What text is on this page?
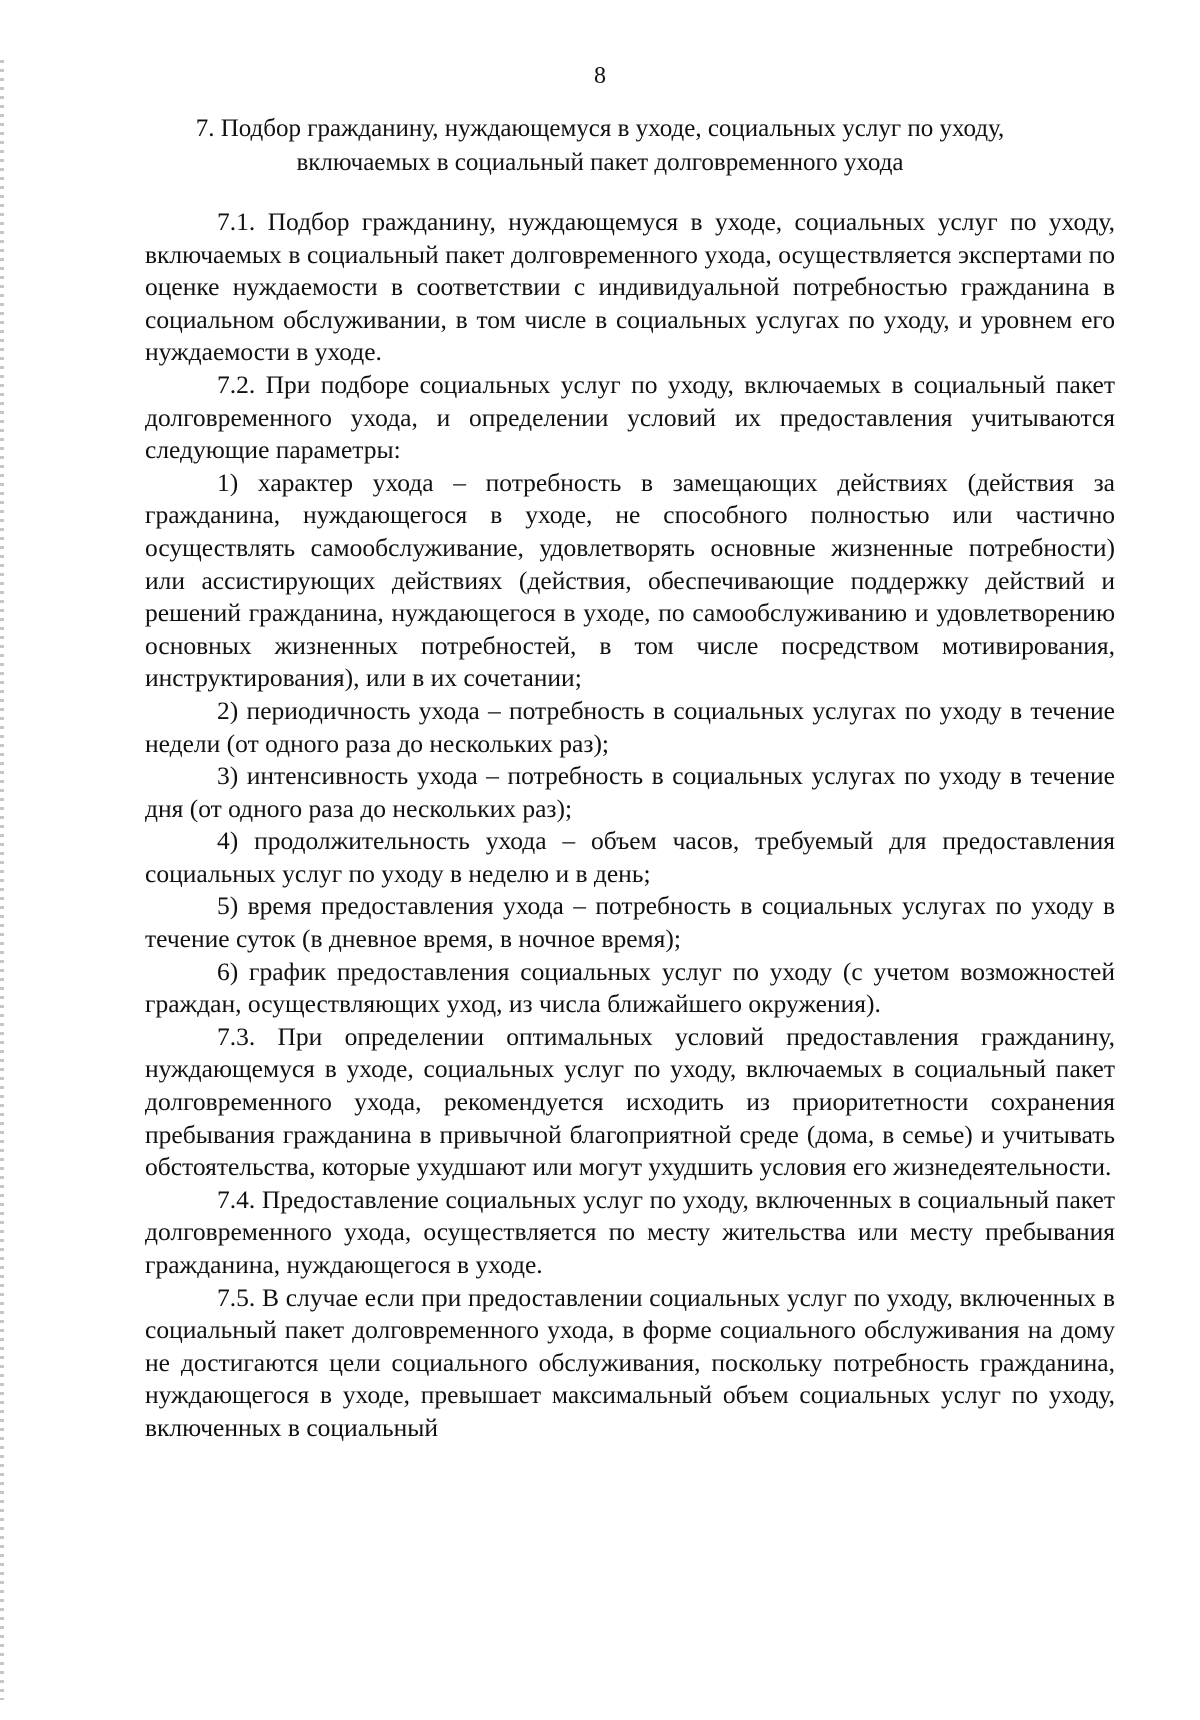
8
7. Подбор гражданину, нуждающемуся в уходе, социальных услуг по уходу, включаемых в социальный пакет долговременного ухода

7.1. Подбор гражданину, нуждающемуся в уходе, социальных услуг по уходу, включаемых в социальный пакет долговременного ухода, осуществляется экспертами по оценке нуждаемости в соответствии с индивидуальной потребностью гражданина в социальном обслуживании, в том числе в социальных услугах по уходу, и уровнем его нуждаемости в уходе.

7.2. При подборе социальных услуг по уходу, включаемых в социальный пакет долговременного ухода, и определении условий их предоставления учитываются следующие параметры:

1) характер ухода – потребность в замещающих действиях (действия за гражданина, нуждающегося в уходе, не способного полностью или частично осуществлять самообслуживание, удовлетворять основные жизненные потребности) или ассистирующих действиях (действия, обеспечивающие поддержку действий и решений гражданина, нуждающегося в уходе, по самообслуживанию и удовлетворению основных жизненных потребностей, в том числе посредством мотивирования, инструктирования), или в их сочетании;

2) периодичность ухода – потребность в социальных услугах по уходу в течение недели (от одного раза до нескольких раз);

3) интенсивность ухода – потребность в социальных услугах по уходу в течение дня (от одного раза до нескольких раз);

4) продолжительность ухода – объем часов, требуемый для предоставления социальных услуг по уходу в неделю и в день;

5) время предоставления ухода – потребность в социальных услугах по уходу в течение суток (в дневное время, в ночное время);

6) график предоставления социальных услуг по уходу (с учетом возможностей граждан, осуществляющих уход, из числа ближайшего окружения).

7.3. При определении оптимальных условий предоставления гражданину, нуждающемуся в уходе, социальных услуг по уходу, включаемых в социальный пакет долговременного ухода, рекомендуется исходить из приоритетности сохранения пребывания гражданина в привычной благоприятной среде (дома, в семье) и учитывать обстоятельства, которые ухудшают или могут ухудшить условия его жизнедеятельности.

7.4. Предоставление социальных услуг по уходу, включенных в социальный пакет долговременного ухода, осуществляется по месту жительства или месту пребывания гражданина, нуждающегося в уходе.

7.5. В случае если при предоставлении социальных услуг по уходу, включенных в социальный пакет долговременного ухода, в форме социального обслуживания на дому не достигаются цели социального обслуживания, поскольку потребность гражданина, нуждающегося в уходе, превышает максимальный объем социальных услуг по уходу, включенных в социальный
